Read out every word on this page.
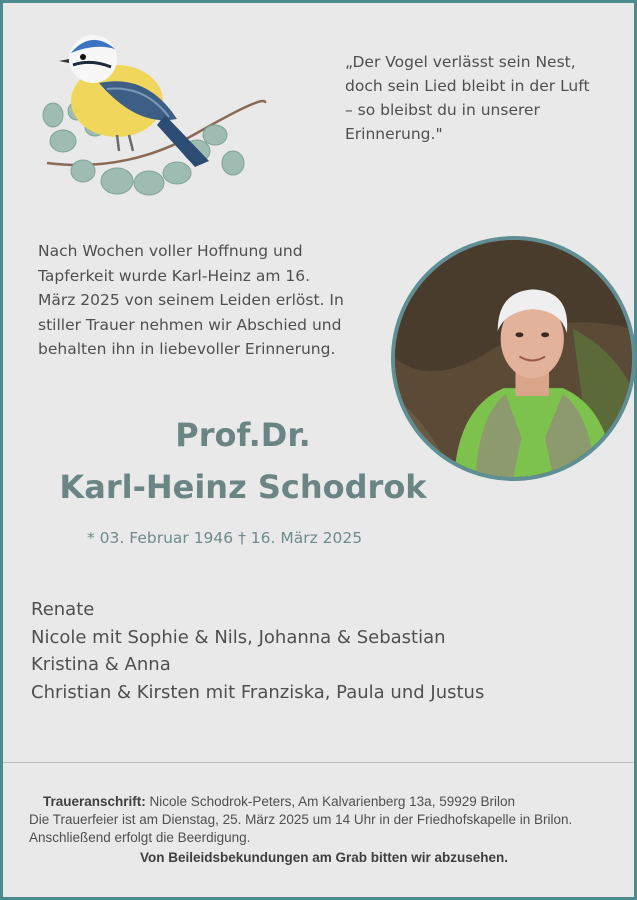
„Der Vogel verlässt sein Nest,
doch sein Lied bleibt in der Luft
– so bleibst du in unserer
Erinnerung."
Nach Wochen voller Hoffnung und
Tapferkeit wurde Karl-Heinz am 16.
März 2025 von seinem Leiden erlöst. In
stiller Trauer nehmen wir Abschied und
behalten ihn in liebevoller Erinnerung.
Prof.Dr.
Karl-Heinz Schodrok
* 03. Februar 1946 † 16. März 2025
Renate
Nicole mit Sophie & Nils, Johanna & Sebastian
Kristina & Anna
Christian & Kirsten mit Franziska, Paula und Justus
Traueranschrift: Nicole Schodrok-Peters, Am Kalvarienberg 13a, 59929 Brilon
Die Trauerfeier ist am Dienstag, 25. März 2025 um 14 Uhr in der Friedhofskapelle in Brilon. Anschließend erfolgt die Beerdigung.
Von Beileidsbekundungen am Grab bitten wir abzusehen.
